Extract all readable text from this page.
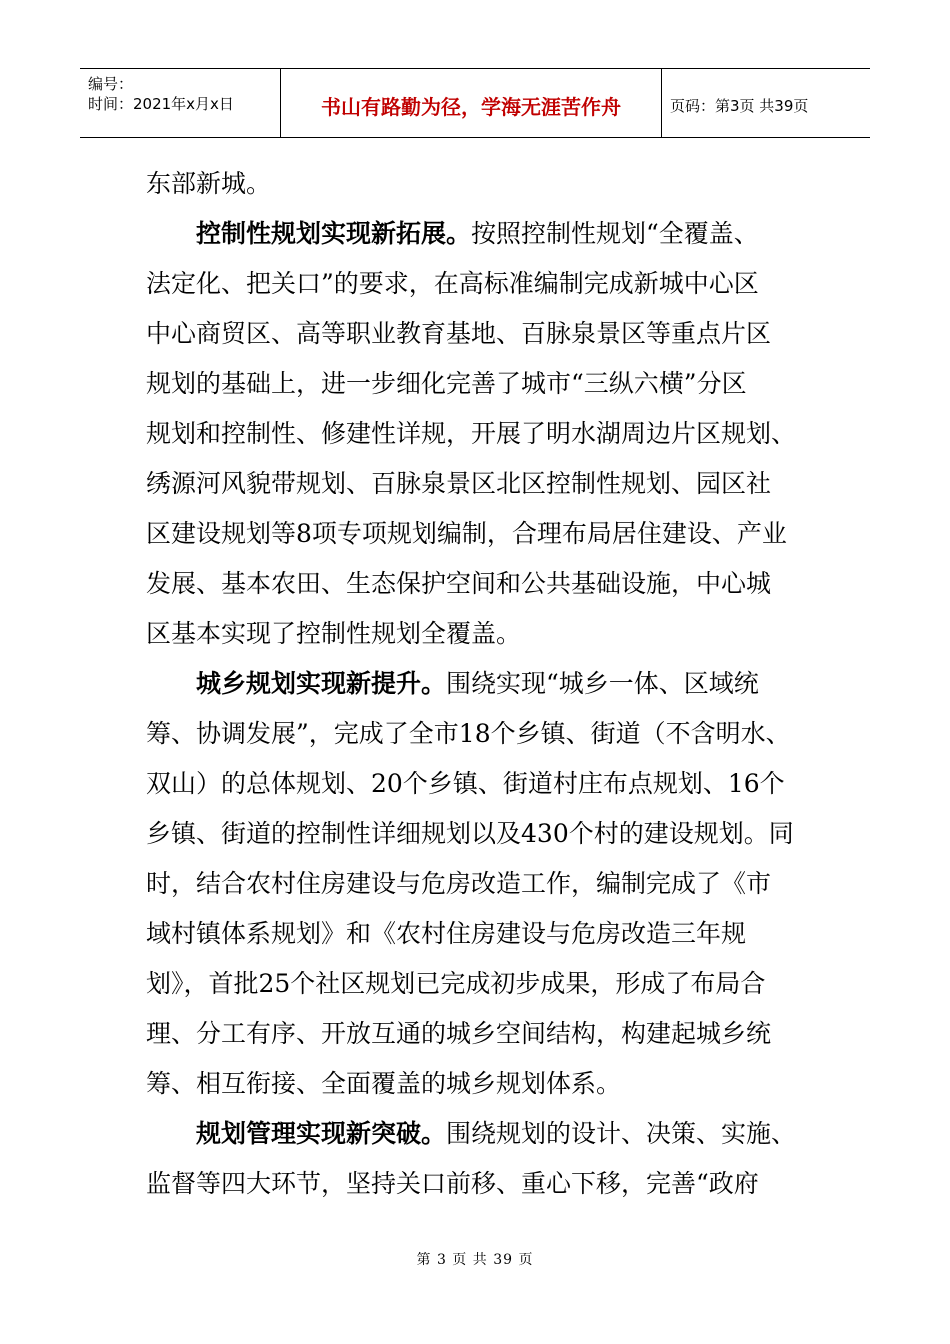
编号：
时间：2021年x月x日	书山有路勤为径，学海无涯苦作舟	页码：第3页 共39页
东部新城。
控制性规划实现新拓展。按照控制性规划“全覆盖、
法定化、把关口”的要求，在高标准编制完成新城中心区
中心商贸区、高等职业教育基地、百脉泉景区等重点片区
规划的基础上，进一步细化完善了城市“三纵六横”分区
规划和控制性、修建性详规，开展了明水湖周边片区规划、
绣源河风貌带规划、百脉泉景区北区控制性规划、园区社
区建设规划等8项专项规划编制，合理布局居住建设、产业
发展、基本农田、生态保护空间和公共基础设施，中心城
区基本实现了控制性规划全覆盖。
城乡规划实现新提升。围绕实现“城乡一体、区域统
筹、协调发展”，完成了全市18个乡镇、街道（不含明水、
双山）的总体规划、20个乡镇、街道村庄布点规划、16个
乡镇、街道的控制性详细规划以及430个村的建设规划。同
时，结合农村住房建设与危房改造工作，编制完成了《市
域村镇体系规划》和《农村住房建设与危房改造三年规
划》，首批25个社区规划已完成初步成果，形成了布局合
理、分工有序、开放互通的城乡空间结构，构建起城乡统
筹、相互衔接、全面覆盖的城乡规划体系。
规划管理实现新突破。围绕规划的设计、决策、实施、
监督等四大环节，坚持关口前移、重心下移，完善“政府
第 3 页 共 39 页
